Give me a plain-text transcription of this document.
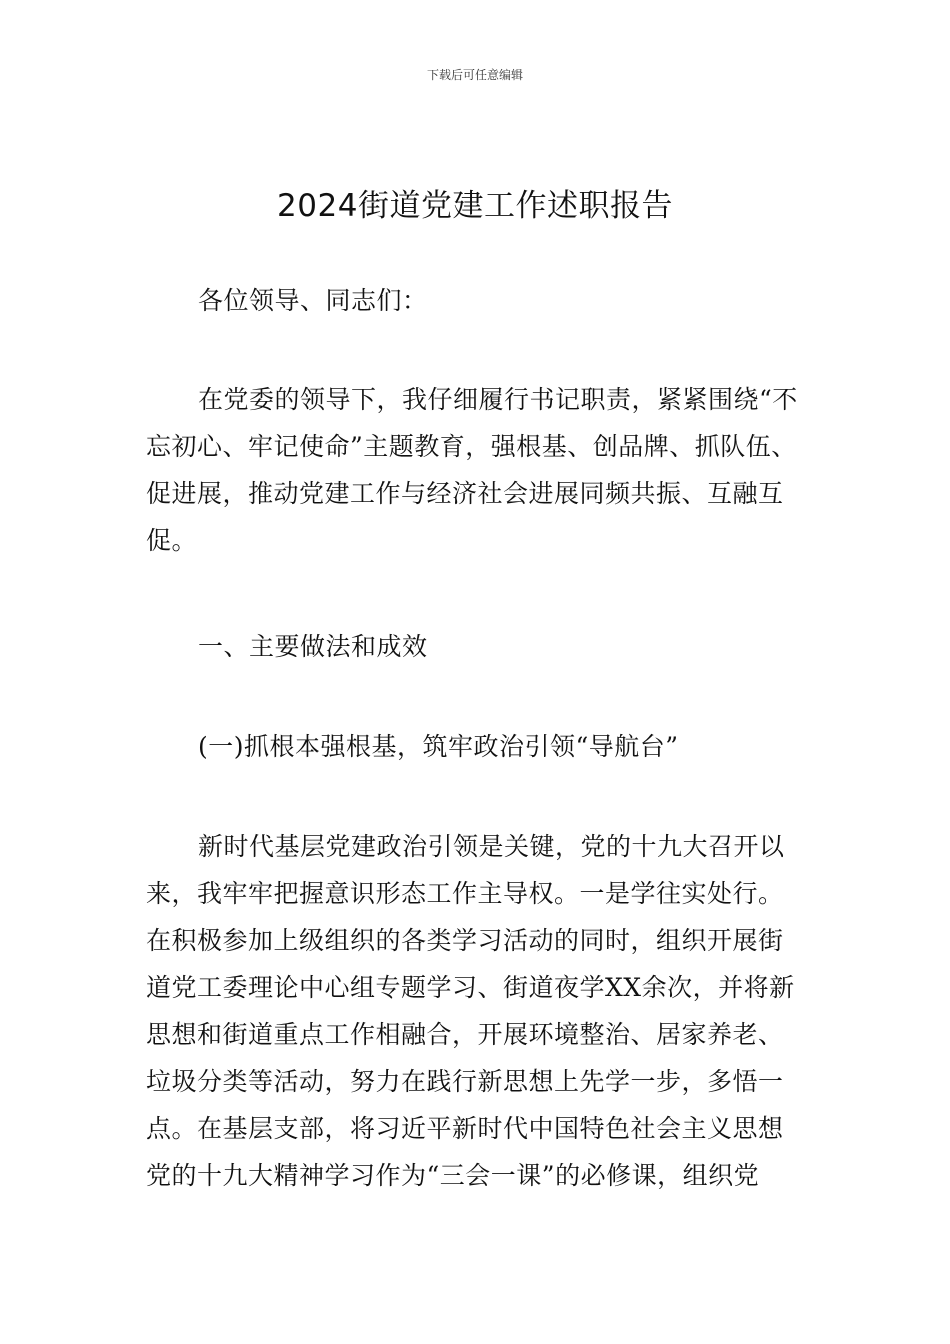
下载后可任意编辑
2024街道党建工作述职报告
各位领导、同志们：
在党委的领导下，我仔细履行书记职责，紧紧围绕“不忘初心、牢记使命”主题教育，强根基、创品牌、抓队伍、促进展，推动党建工作与经济社会进展同频共振、互融互促。
一、主要做法和成效
(一)抓根本强根基，筑牢政治引领“导航台”
新时代基层党建政治引领是关键，党的十九大召开以来，我牢牢把握意识形态工作主导权。一是学往实处行。在积极参加上级组织的各类学习活动的同时，组织开展街道党工委理论中心组专题学习、街道夜学XX余次，并将新思想和街道重点工作相融合，开展环境整治、居家养老、垃圾分类等活动，努力在践行新思想上先学一步，多悟一点。在基层支部，将习近平新时代中国特色社会主义思想党的十九大精神学习作为“三会一课”的必修课，组织党
